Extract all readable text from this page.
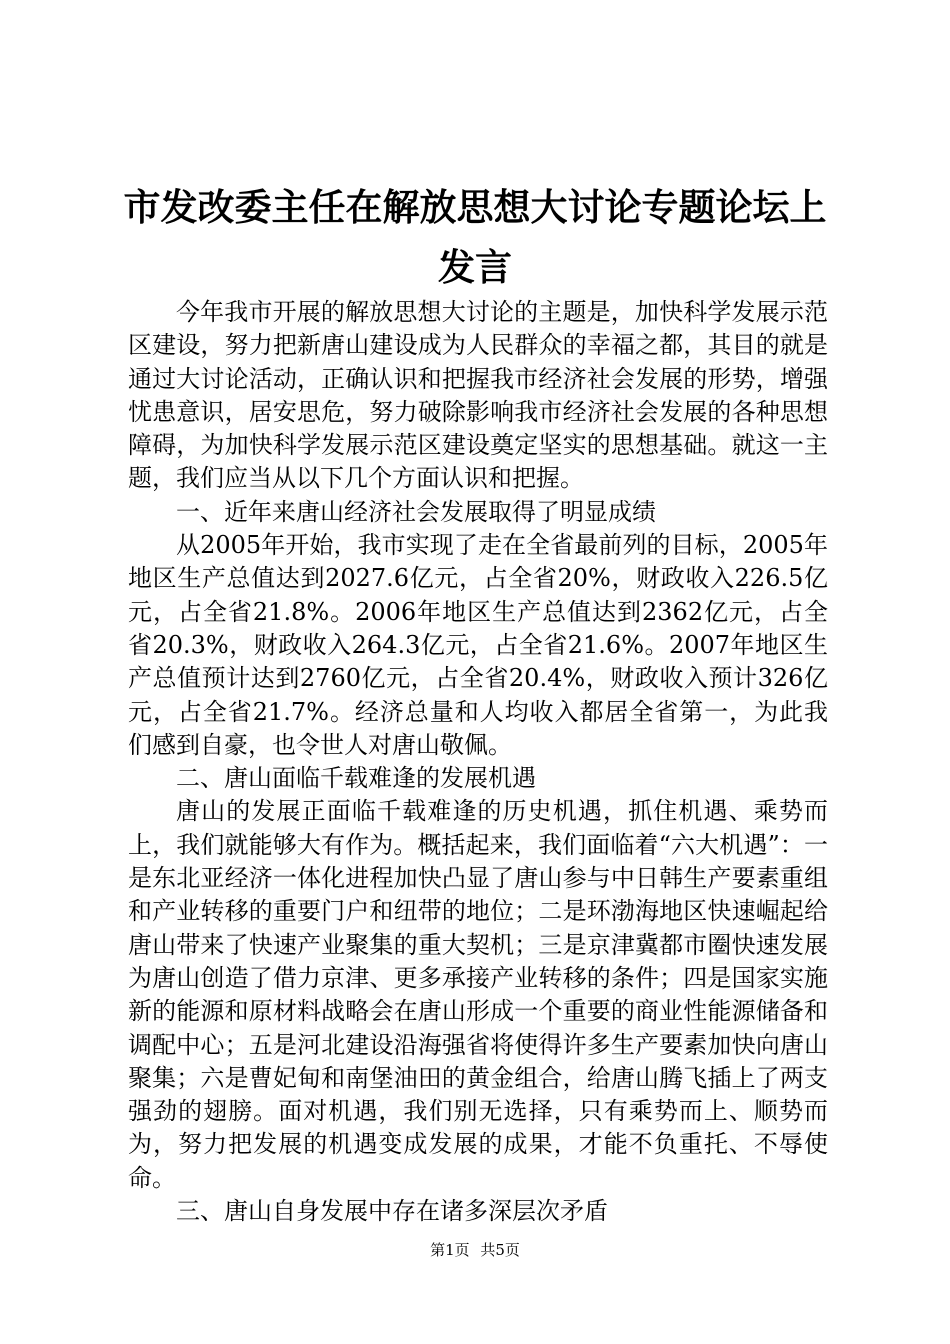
市发改委主任在解放思想大讨论专题论坛上发言

今年我市开展的解放思想大讨论的主题是，加快科学发展示范区建设，努力把新唐山建设成为人民群众的幸福之都，其目的就是通过大讨论活动，正确认识和把握我市经济社会发展的形势，增强忧患意识，居安思危，努力破除影响我市经济社会发展的各种思想障碍，为加快科学发展示范区建设奠定坚实的思想基础。就这一主题，我们应当从以下几个方面认识和把握。

一、近年来唐山经济社会发展取得了明显成绩

从2005年开始，我市实现了走在全省最前列的目标，2005年地区生产总值达到2027.6亿元，占全省20%，财政收入226.5亿元，占全省21.8%。2006年地区生产总值达到2362亿元，占全省20.3%，财政收入264.3亿元，占全省21.6%。2007年地区生产总值预计达到2760亿元，占全省20.4%，财政收入预计326亿元，占全省21.7%。经济总量和人均收入都居全省第一，为此我们感到自豪，也令世人对唐山敬佩。

二、唐山面临千载难逢的发展机遇

唐山的发展正面临千载难逢的历史机遇，抓住机遇、乘势而上，我们就能够大有作为。概括起来，我们面临着“六大机遇”：一是东北亚经济一体化进程加快凸显了唐山参与中日韩生产要素重组和产业转移的重要门户和纽带的地位；二是环渤海地区快速崛起给唐山带来了快速产业聚集的重大契机；三是京津冀都市圈快速发展为唐山创造了借力京津、更多承接产业转移的条件；四是国家实施新的能源和原材料战略会在唐山形成一个重要的商业性能源储备和调配中心；五是河北建设沿海强省将使得许多生产要素加快向唐山聚集；六是曹妃甸和南堡油田的黄金组合，给唐山腾飞插上了两支强劲的翅膀。面对机遇，我们别无选择，只有乘势而上、顺势而为，努力把发展的机遇变成发展的成果，才能不负重托、不辱使命。

三、唐山自身发展中存在诸多深层次矛盾

第1页 共5页
